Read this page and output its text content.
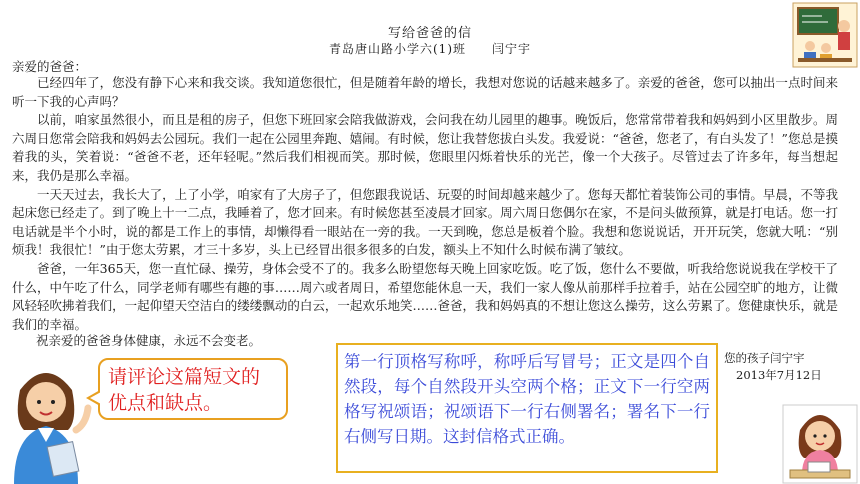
写给爸爸的信
青岛唐山路小学六(1)班　　闫宁宇
亲爱的爸爸：

已经四年了，您没有静下心来和我交谈。我知道您很忙，但是随着年龄的增长，我想对您说的话越来越多了。亲爱的爸爸，您可以抽出一点时间来听一下我的心声吗？

以前，咱家虽然很小，而且是租的房子，但您下班回家会陪我做游戏，会问我在幼儿园里的趣事。晚饭后，您常常带着我和妈妈到小区里散步。周六周日您常会陪我和妈妈去公园玩。我们一起在公园里奔跑、嬉闹。有时候，您让我替您拔白头发。我爱说：“爸爸，您老了，有白头发了！”您总是摸着我的头，笑着说：“爸爸不老，还年轻呢。”然后我们相视而笑。那时候，您眼里闪烁着快乐的光芒，像一个大孩子。尽管过去了许多年，每当想起来，我仍是那么幸福。

一天天过去，我长大了，上了小学，咱家有了大房子了，但您跟我说话、玩耍的时间却越来越少了。您每天都忙着装饰公司的事情。早晨，不等我起床您已经走了。到了晚上十一二点，我睡着了，您才回来。有时候您甚至凌晨才回家。周六周日您偶尔在家，不是问头做预算，就是打电话。您一打电话就是半个小时，说的都是工作上的事情，却懒得看一眼站在一旁的我。一天到晚，您总是板着个脸。我想和您说说话，开开玩笑，您就大吼：“别烦我！我很忙！”由于您太劳累，才三十多岁，头上已经冒出很多很多的白发，额头上不知什么时候布满了皱纹。

爸爸，一年365天，您一直忙碌、操劳，身体会受不了的。我多么盼望您每天晚上回家吃饭。吃了饭，您什么不要做，听我给您说说我在学校干了什么，中午吃了什么，同学老师有哪些有趣的事……周六或者周日，希望您能休息一天，我们一家人像从前那样手拉着手，站在公园空旷的地方，让微风轻轻吹拂着我们，一起仰望天空洁白的缕缕飘动的白云，一起欢乐地笑……爸爸，我和妈妈真的不想让您这么操劳，这么劳累了。您健康快乐，就是我们的幸福。

祝亲爱的爸爸身体健康，永远不会变老。
您的孩子闫宁宇
2013年7月12日
请评论这篇短文的优点和缺点。
第一行顶格写称呼，称呼后写冒号；正文是四个自然段，每个自然段开头空两个格；正文下一行空两格写祝颂语；祝颂语下一行右侧署名；署名下一行右侧写日期。这封信格式正确。
